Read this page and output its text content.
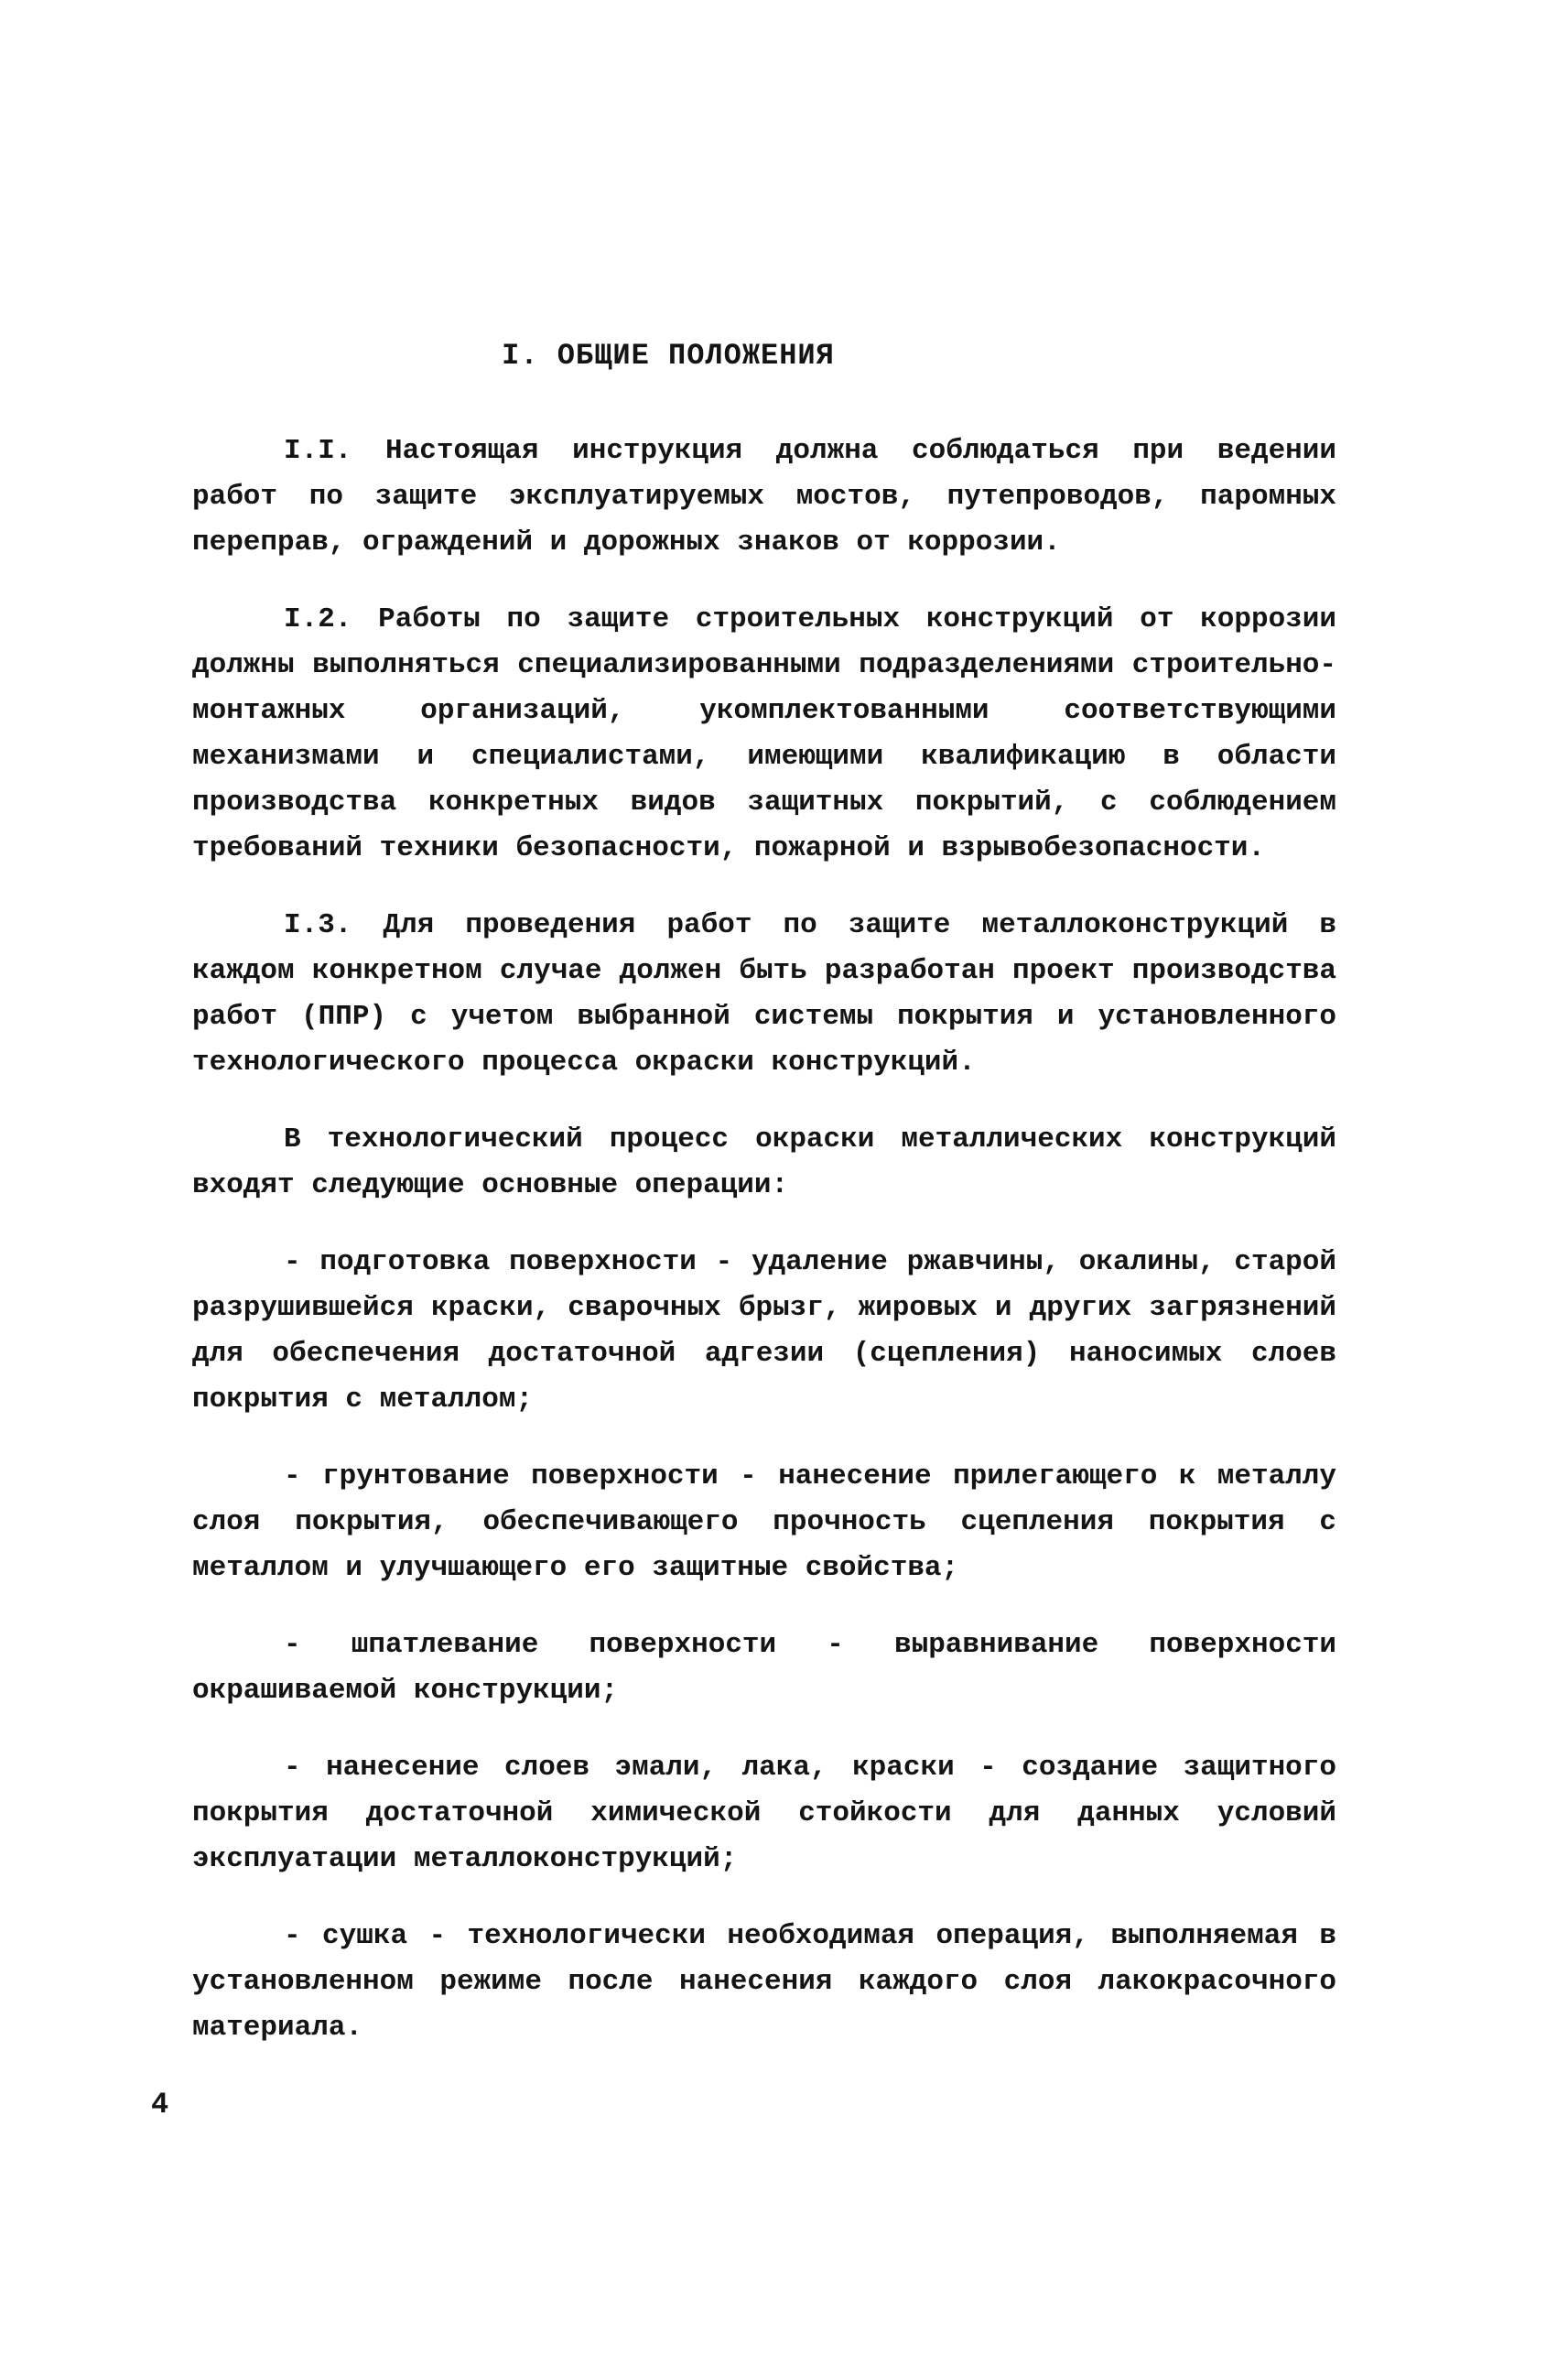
I. ОБЩИЕ ПОЛОЖЕНИЯ

I.I. Настоящая инструкция должна соблюдаться при ведении работ по защите эксплуатируемых мостов, путепроводов, паромных переправ, ограждений и дорожных знаков от коррозии.

I.2. Работы по защите строительных конструкций от коррозии должны выполняться специализированными подразделениями строительно-монтажных организаций, укомплектованными соответствующими механизмами и специалистами, имеющими квалификацию в области производства конкретных видов защитных покрытий, с соблюдением требований техники безопасности, пожарной и взрывобезопасности.

I.3. Для проведения работ по защите металлоконструкций в каждом конкретном случае должен быть разработан проект производства работ (ППР) с учетом выбранной системы покрытия и установленного технологического процесса окраски конструкций.

В технологический процесс окраски металлических конструкций входят следующие основные операции:

- подготовка поверхности - удаление ржавчины, окалины, старой разрушившейся краски, сварочных брызг, жировых и других загрязнений для обеспечения достаточной адгезии (сцепления) наносимых слоев покрытия с металлом;

- грунтование поверхности - нанесение прилегающего к металлу слоя покрытия, обеспечивающего прочность сцепления покрытия с металлом и улучшающего его защитные свойства;

- шпатлевание поверхности - выравнивание поверхности окрашиваемой конструкции;

- нанесение слоев эмали, лака, краски - создание защитного покрытия достаточной химической стойкости для данных условий эксплуатации металлоконструкций;

- сушка - технологически необходимая операция, выполняемая в установленном режиме после нанесения каждого слоя лакокрасочного материала.

4
